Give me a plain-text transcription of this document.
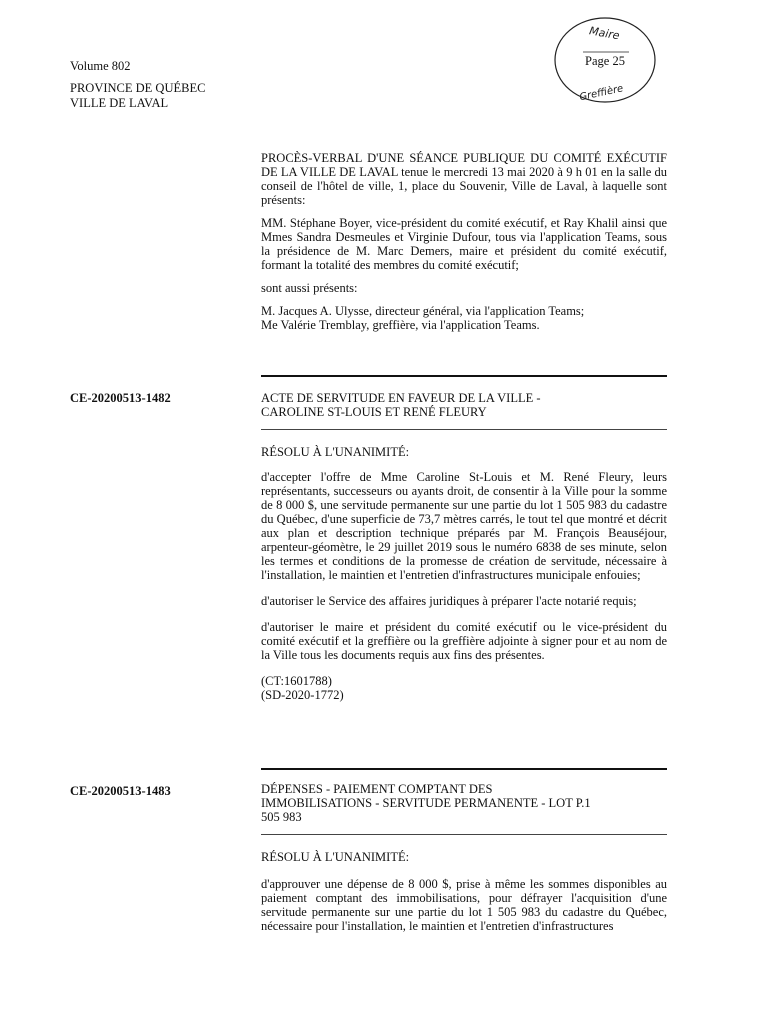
Volume 802
PROVINCE DE QUÉBEC
VILLE DE LAVAL
Maire
Greffière
Page 25

PROCÈS-VERBAL D'UNE SÉANCE PUBLIQUE DU COMITÉ EXÉCUTIF DE LA VILLE DE LAVAL tenue le mercredi 13 mai 2020 à 9 h 01 en la salle du conseil de l'hôtel de ville, 1, place du Souvenir, Ville de Laval, à laquelle sont présents:

MM. Stéphane Boyer, vice-président du comité exécutif, et Ray Khalil ainsi que Mmes Sandra Desmeules et Virginie Dufour, tous via l'application Teams, sous la présidence de M. Marc Demers, maire et président du comité exécutif, formant la totalité des membres du comité exécutif;

sont aussi présents:

M. Jacques A. Ulysse, directeur général, via l'application Teams;

Me Valérie Tremblay, greffière, via l'application Teams.

CE-20200513-1482	ACTE DE SERVITUDE EN FAVEUR DE LA VILLE -
CAROLINE ST-LOUIS ET RENÉ FLEURY

RÉSOLU À L'UNANIMITÉ:

d'accepter l'offre de Mme Caroline St-Louis et M. René Fleury, leurs représentants, successeurs ou ayants droit, de consentir à la Ville pour la somme de 8 000 $, une servitude permanente sur une partie du lot 1 505 983 du cadastre du Québec, d'une superficie de 73,7 mètres carrés, le tout tel que montré et décrit aux plan et description technique préparés par M. François Beauséjour, arpenteur-géomètre, le 29 juillet 2019 sous le numéro 6838 de ses minute, selon les termes et conditions de la promesse de création de servitude, nécessaire à l'installation, le maintien et l'entretien d'infrastructures municipale enfouies;

d'autoriser le Service des affaires juridiques à préparer l'acte notarié requis;

d'autoriser le maire et président du comité exécutif ou le vice-président du comité exécutif et la greffière ou la greffière adjointe à signer pour et au nom de la Ville tous les documents requis aux fins des présentes.

(CT:1601788)

(SD-2020-1772)

CE-20200513-1483	DÉPENSES - PAIEMENT COMPTANT DES
IMMOBILISATIONS - SERVITUDE PERMANENTE - LOT P.1
505 983

RÉSOLU À L'UNANIMITÉ:

d'approuver une dépense de 8 000 $, prise à même les sommes disponibles au paiement comptant des immobilisations, pour défrayer l'acquisition d'une servitude permanente sur une partie du lot 1 505 983 du cadastre du Québec, nécessaire pour l'installation, le maintien et l'entretien d'infrastructures
